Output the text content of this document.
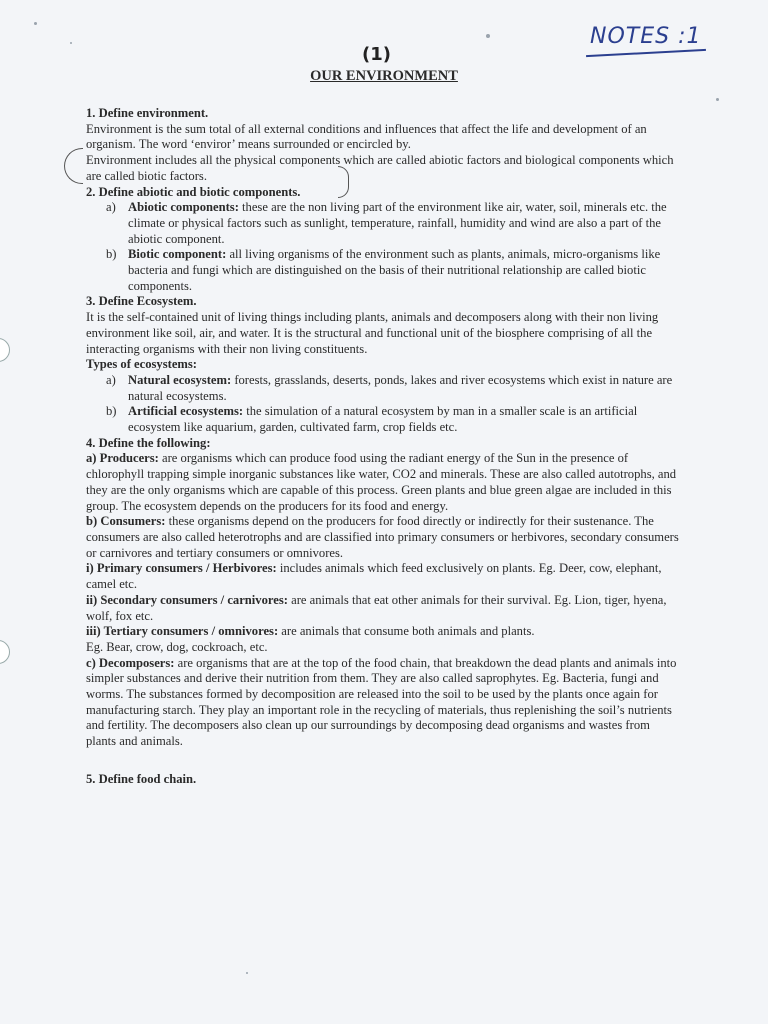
NOTES :1
(1)
OUR ENVIRONMENT

1. Define environment.

Environment is the sum total of all external conditions and influences that affect the life and development of an organism. The word ‘enviror’ means surrounded or encircled by.

Environment includes all the physical components which are called abiotic factors and biological components which are called biotic factors.

2. Define abiotic and biotic components.

a) Abiotic components: these are the non living part of the environment like air, water, soil, minerals etc. the climate or physical factors such as sunlight, temperature, rainfall, humidity and wind are also a part of the abiotic component.
b) Biotic component: all living organisms of the environment such as plants, animals, micro-organisms like bacteria and fungi which are distinguished on the basis of their nutritional relationship are called biotic components.

3. Define Ecosystem.

It is the self-contained unit of living things including plants, animals and decomposers along with their non living environment like soil, air, and water. It is the structural and functional unit of the biosphere comprising of all the interacting organisms with their non living constituents.

Types of ecosystems:

a) Natural ecosystem: forests, grasslands, deserts, ponds, lakes and river ecosystems which exist in nature are natural ecosystems.
b) Artificial ecosystems: the simulation of a natural ecosystem by man in a smaller scale is an artificial ecosystem like aquarium, garden, cultivated farm, crop fields etc.

4. Define the following:

a) Producers: are organisms which can produce food using the radiant energy of the Sun in the presence of chlorophyll trapping simple inorganic substances like water, CO2 and minerals. These are also called autotrophs, and they are the only organisms which are capable of this process. Green plants and blue green algae are included in this group. The ecosystem depends on the producers for its food and energy.

b) Consumers: these organisms depend on the producers for food directly or indirectly for their sustenance. The consumers are also called heterotrophs and are classified into primary consumers or herbivores, secondary consumers or carnivores and tertiary consumers or omnivores.

i) Primary consumers / Herbivores: includes animals which feed exclusively on plants. Eg. Deer, cow, elephant, camel etc.

ii) Secondary consumers / carnivores: are animals that eat other animals for their survival. Eg. Lion, tiger, hyena, wolf, fox etc.

iii) Tertiary consumers / omnivores: are animals that consume both animals and plants.

Eg. Bear, crow, dog, cockroach, etc.

c) Decomposers: are organisms that are at the top of the food chain, that breakdown the dead plants and animals into simpler substances and derive their nutrition from them. They are also called saprophytes. Eg. Bacteria, fungi and worms. The substances formed by decomposition are released into the soil to be used by the plants once again for manufacturing starch. They play an important role in the recycling of materials, thus replenishing the soil’s nutrients and fertility. The decomposers also clean up our surroundings by decomposing dead organisms and wastes from plants and animals.

5. Define food chain.
